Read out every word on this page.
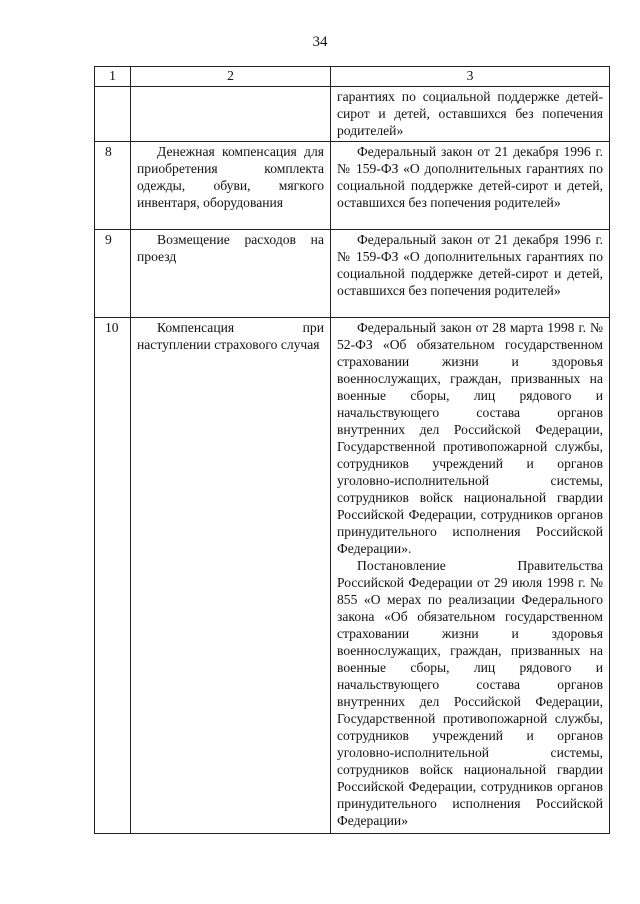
34
1	2	3

		гарантиях по социальной поддержке детей-сирот и детей, оставшихся без попечения родителей»

8	Денежная компенсация для приобретения комплекта одежды, обуви, мягкого инвентаря, оборудования	Федеральный закон от 21 декабря 1996 г. № 159-ФЗ «О дополнительных гарантиях по социальной поддержке детей-сирот и детей, оставшихся без попечения родителей»

9	Возмещение расходов на проезд	Федеральный закон от 21 декабря 1996 г. № 159-ФЗ «О дополнительных гарантиях по социальной поддержке детей-сирот и детей, оставшихся без попечения родителей»

10	Компенсация при наступлении страхового случая	Федеральный закон от 28 марта 1998 г. № 52-ФЗ «Об обязательном государственном страховании жизни и здоровья военнослужащих, граждан, призванных на военные сборы, лиц рядового и начальствующего состава органов внутренних дел Российской Федерации, Государственной противопожарной службы, сотрудников учреждений и органов уголовно-исполнительной системы, сотрудников войск национальной гвардии Российской Федерации, сотрудников органов принудительного исполнения Российской Федерации».
Постановление Правительства Российской Федерации от 29 июля 1998 г. № 855 «О мерах по реализации Федерального закона «Об обязательном государственном страховании жизни и здоровья военнослужащих, граждан, призванных на военные сборы, лиц рядового и начальствующего состава органов внутренних дел Российской Федерации, Государственной противопожарной службы, сотрудников учреждений и органов уголовно-исполнительной системы, сотрудников войск национальной гвардии Российской Федерации, сотрудников органов принудительного исполнения Российской Федерации»
